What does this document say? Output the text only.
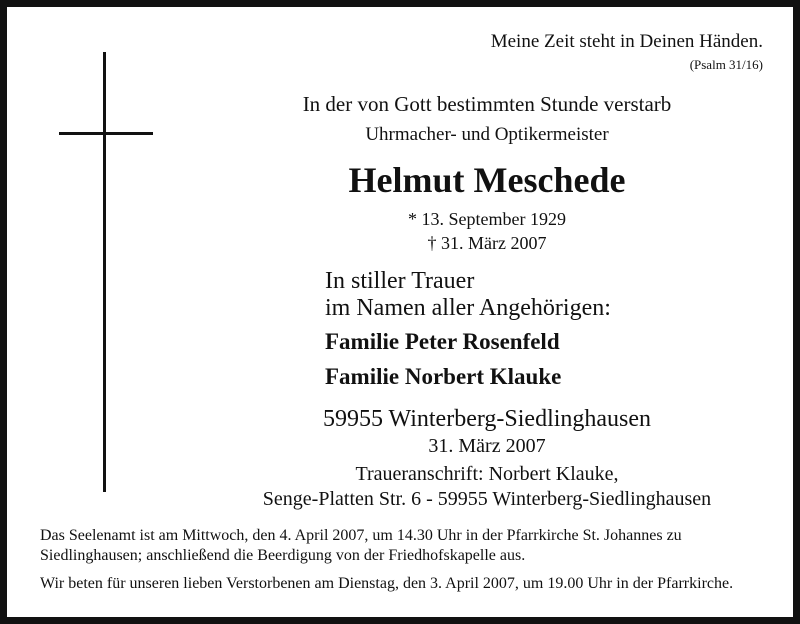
Meine Zeit steht in Deinen Händen.
(Psalm 31/16)
In der von Gott bestimmten Stunde verstarb
Uhrmacher- und Optikermeister
Helmut Meschede
* 13. September 1929
† 31. März 2007
In stiller Trauer
im Namen aller Angehörigen:
Familie Peter Rosenfeld
Familie Norbert Klauke
59955 Winterberg-Siedlinghausen
31. März 2007
Traueranschrift: Norbert Klauke,
Senge-Platten Str. 6 - 59955 Winterberg-Siedlinghausen
Das Seelenamt ist am Mittwoch, den 4. April 2007, um 14.30 Uhr in der Pfarrkirche St. Johannes zu Siedlinghausen; anschließend die Beerdigung von der Friedhofskapelle aus.
Wir beten für unseren lieben Verstorbenen am Dienstag, den 3. April 2007, um 19.00 Uhr in der Pfarrkirche.
